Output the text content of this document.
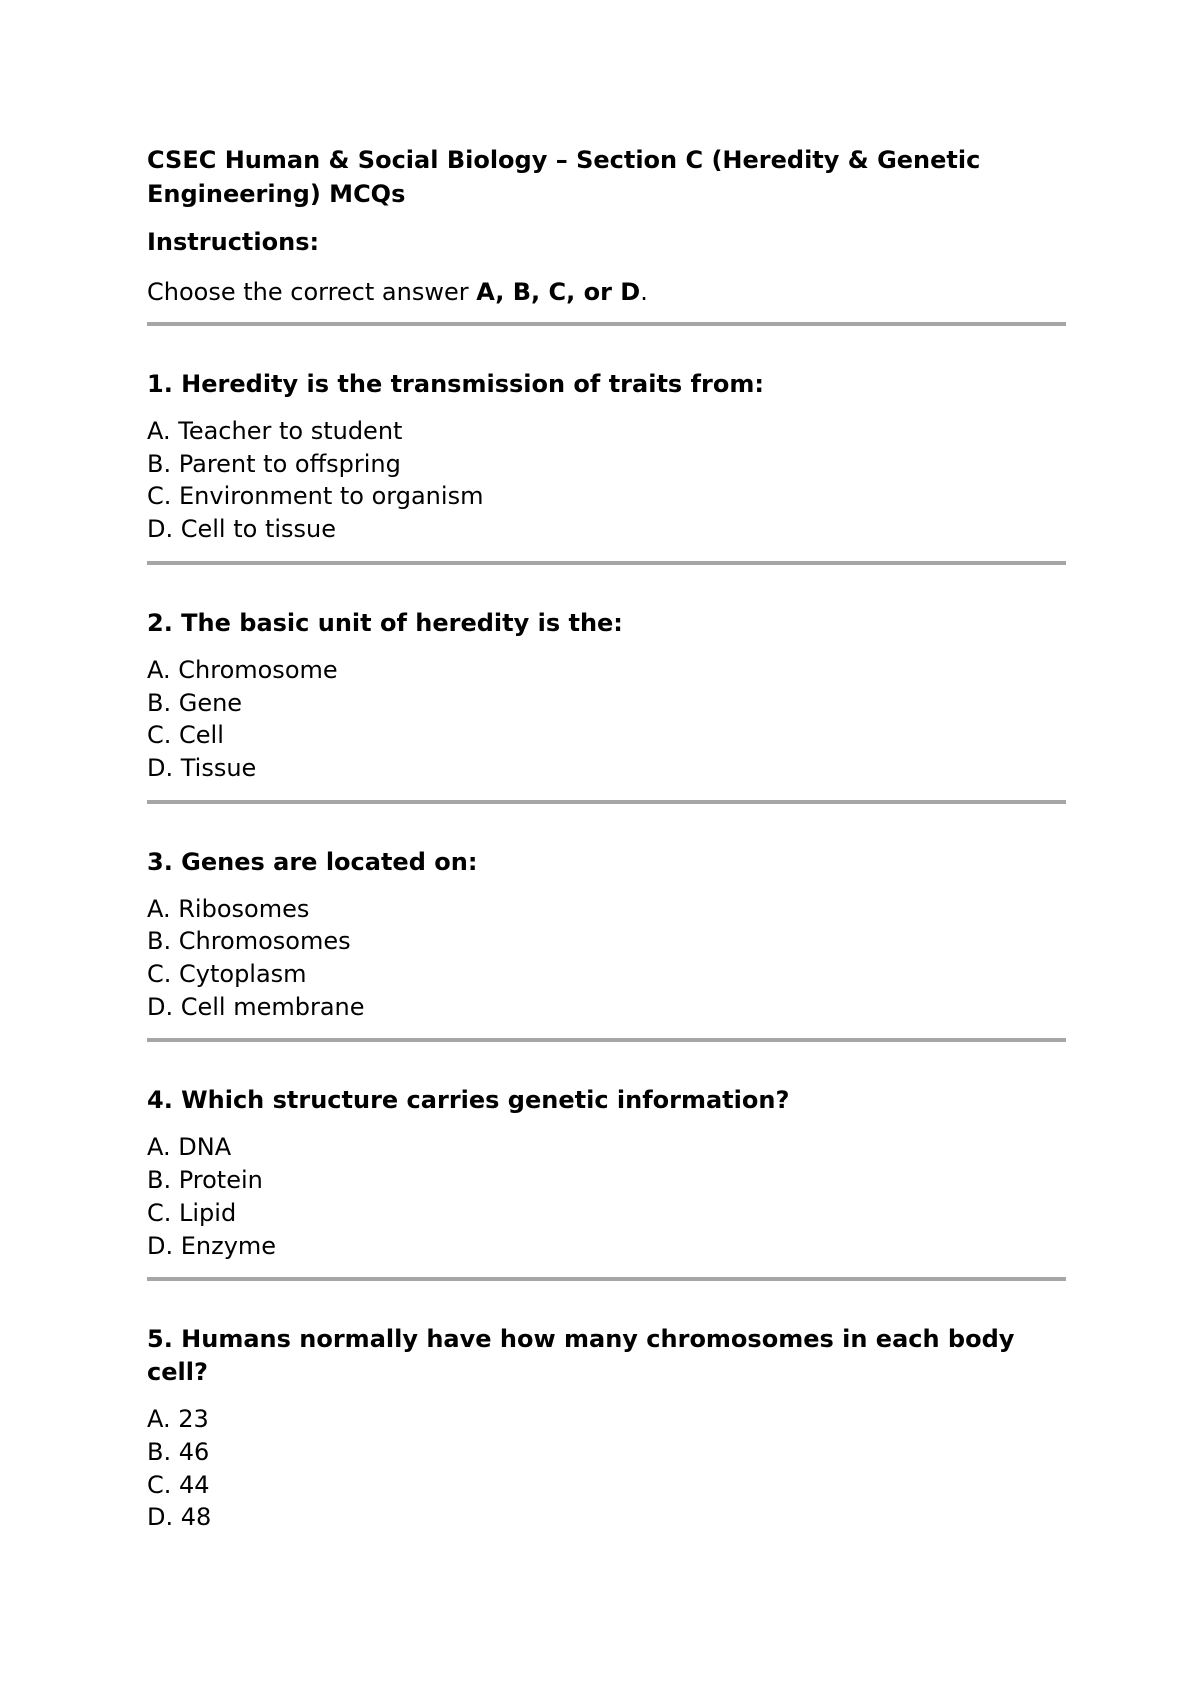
CSEC Human & Social Biology – Section C (Heredity & Genetic Engineering) MCQs

Instructions:

Choose the correct answer A, B, C, or D.

1. Heredity is the transmission of traits from:

A. Teacher to student
B. Parent to offspring
C. Environment to organism
D. Cell to tissue

2. The basic unit of heredity is the:

A. Chromosome
B. Gene
C. Cell
D. Tissue

3. Genes are located on:

A. Ribosomes
B. Chromosomes
C. Cytoplasm
D. Cell membrane

4. Which structure carries genetic information?

A. DNA
B. Protein
C. Lipid
D. Enzyme

5. Humans normally have how many chromosomes in each body cell?

A. 23
B. 46
C. 44
D. 48
